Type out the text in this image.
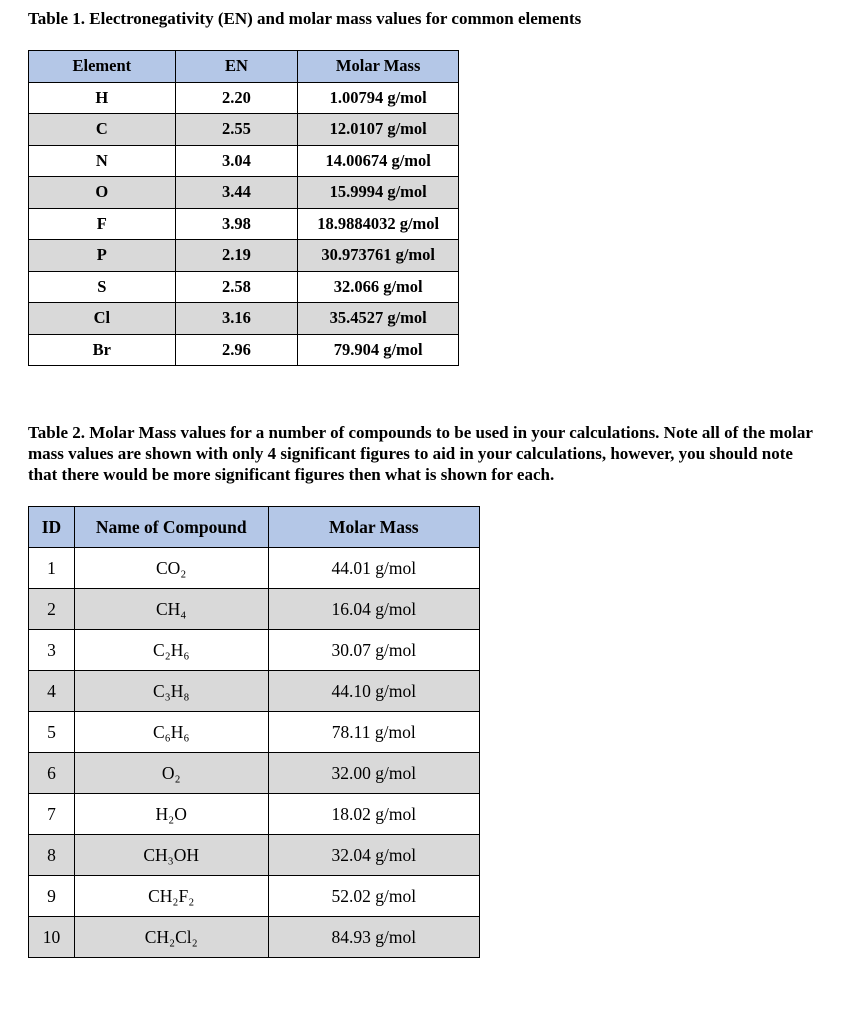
Table 1. Electronegativity (EN) and molar mass values for common elements

Element	EN	Molar Mass
H	2.20	1.00794 g/mol
C	2.55	12.0107 g/mol
N	3.04	14.00674 g/mol
O	3.44	15.9994 g/mol
F	3.98	18.9884032 g/mol
P	2.19	30.973761 g/mol
S	2.58	32.066 g/mol
Cl	3.16	35.4527 g/mol
Br	2.96	79.904 g/mol

Table 2. Molar Mass values for a number of compounds to be used in your calculations. Note all of the molar mass values are shown with only 4 significant figures to aid in your calculations, however, you should note that there would be more significant figures then what is shown for each.

ID	Name of Compound	Molar Mass
1	CO₂	44.01 g/mol
2	CH₄	16.04 g/mol
3	C₂H₆	30.07 g/mol
4	C₃H₈	44.10 g/mol
5	C₆H₆	78.11 g/mol
6	O₂	32.00 g/mol
7	H₂O	18.02 g/mol
8	CH₃OH	32.04 g/mol
9	CH₂F₂	52.02 g/mol
10	CH₂Cl₂	84.93 g/mol
